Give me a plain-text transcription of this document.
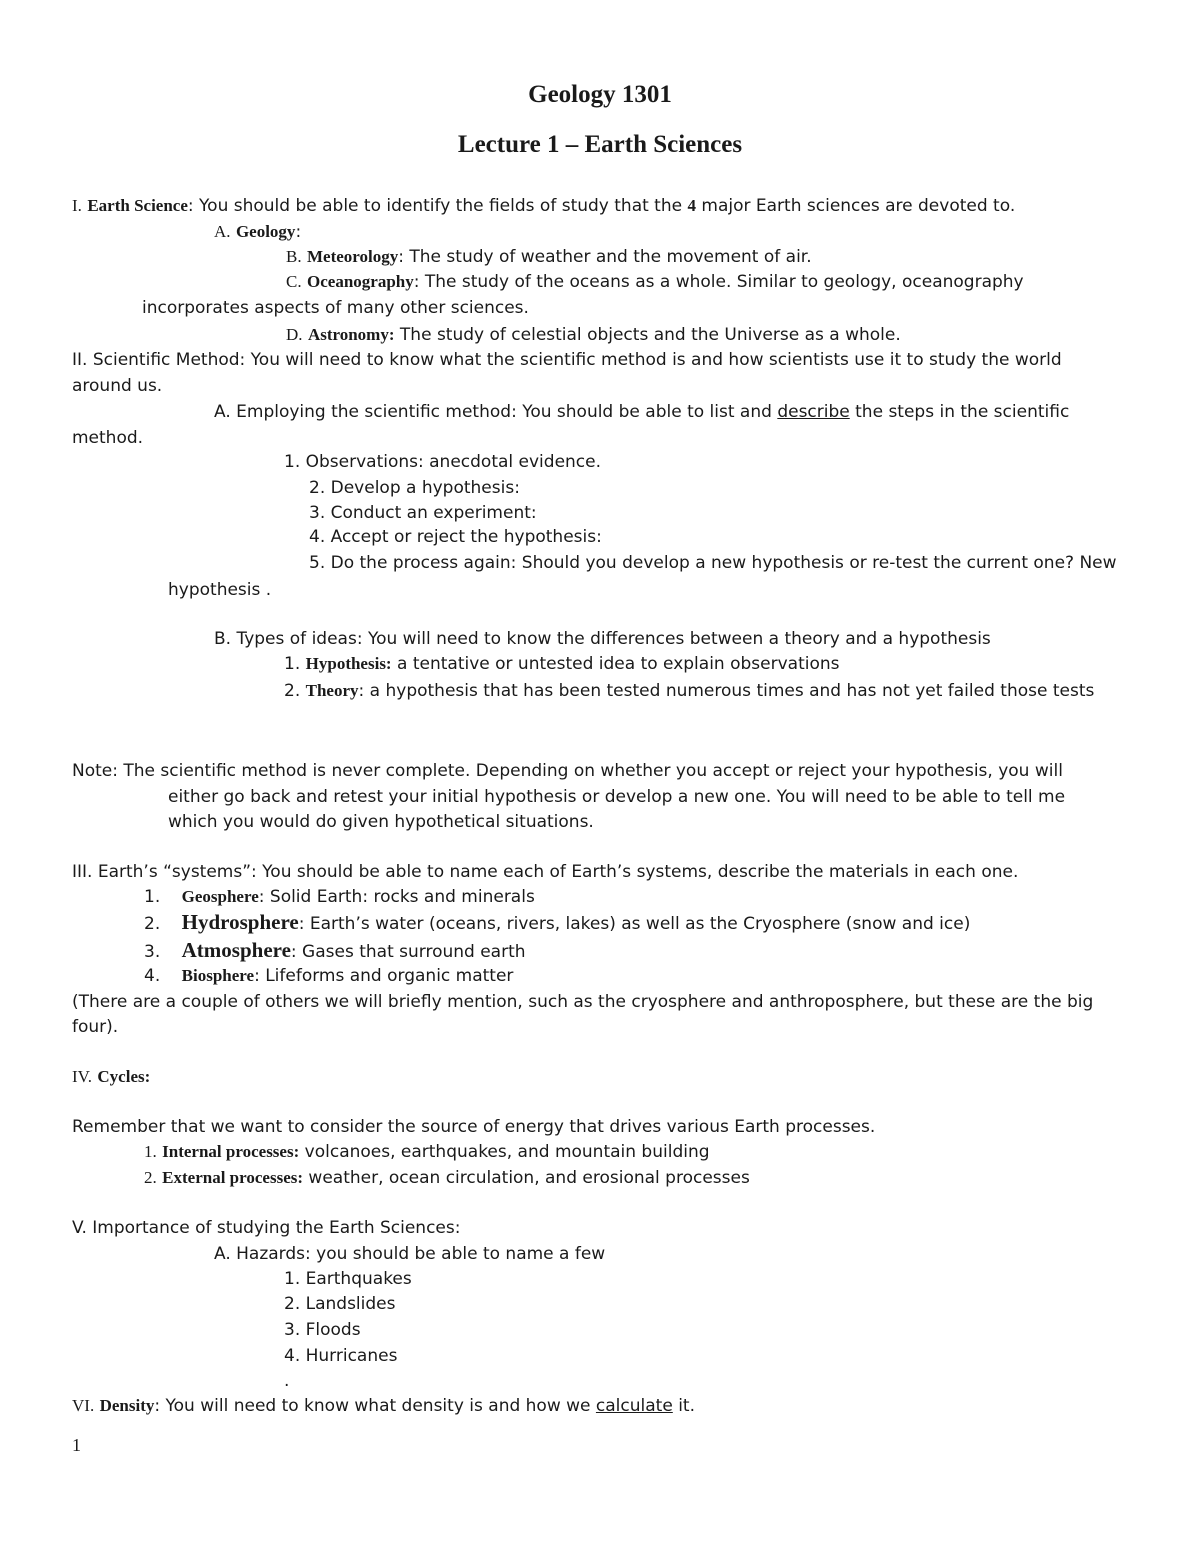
Geology 1301
Lecture 1 – Earth Sciences
I. Earth Science: You should be able to identify the fields of study that the 4 major Earth sciences are devoted to.
A. Geology:
B. Meteorology: The study of weather and the movement of air.
C. Oceanography: The study of the oceans as a whole. Similar to geology, oceanography
incorporates aspects of many other sciences.
D. Astronomy: The study of celestial objects and the Universe as a whole.
II. Scientific Method: You will need to know what the scientific method is and how scientists use it to study the world
around us.
A. Employing the scientific method: You should be able to list and describe the steps in the scientific
method.
1. Observations: anecdotal evidence.
2. Develop a hypothesis:
3. Conduct an experiment:
4. Accept or reject the hypothesis:
5. Do the process again: Should you develop a new hypothesis or re-test the current one? New
hypothesis .
B. Types of ideas: You will need to know the differences between a theory and a hypothesis
1. Hypothesis: a tentative or untested idea to explain observations
2. Theory: a hypothesis that has been tested numerous times and has not yet failed those tests
Note: The scientific method is never complete. Depending on whether you accept or reject your hypothesis, you will
either go back and retest your initial hypothesis or develop a new one. You will need to be able to tell me
which you would do given hypothetical situations.
III. Earth’s “systems”: You should be able to name each of Earth’s systems, describe the materials in each one.
1. Geosphere: Solid Earth: rocks and minerals
2. Hydrosphere: Earth’s water (oceans, rivers, lakes) as well as the Cryosphere (snow and ice)
3. Atmosphere: Gases that surround earth
4. Biosphere: Lifeforms and organic matter
(There are a couple of others we will briefly mention, such as the cryosphere and anthroposphere, but these are the big
four).
IV. Cycles:
Remember that we want to consider the source of energy that drives various Earth processes.
1. Internal processes: volcanoes, earthquakes, and mountain building
2. External processes: weather, ocean circulation, and erosional processes
V. Importance of studying the Earth Sciences:
A. Hazards: you should be able to name a few
1. Earthquakes
2. Landslides
3. Floods
4. Hurricanes
.
VI. Density: You will need to know what density is and how we calculate it.
1
